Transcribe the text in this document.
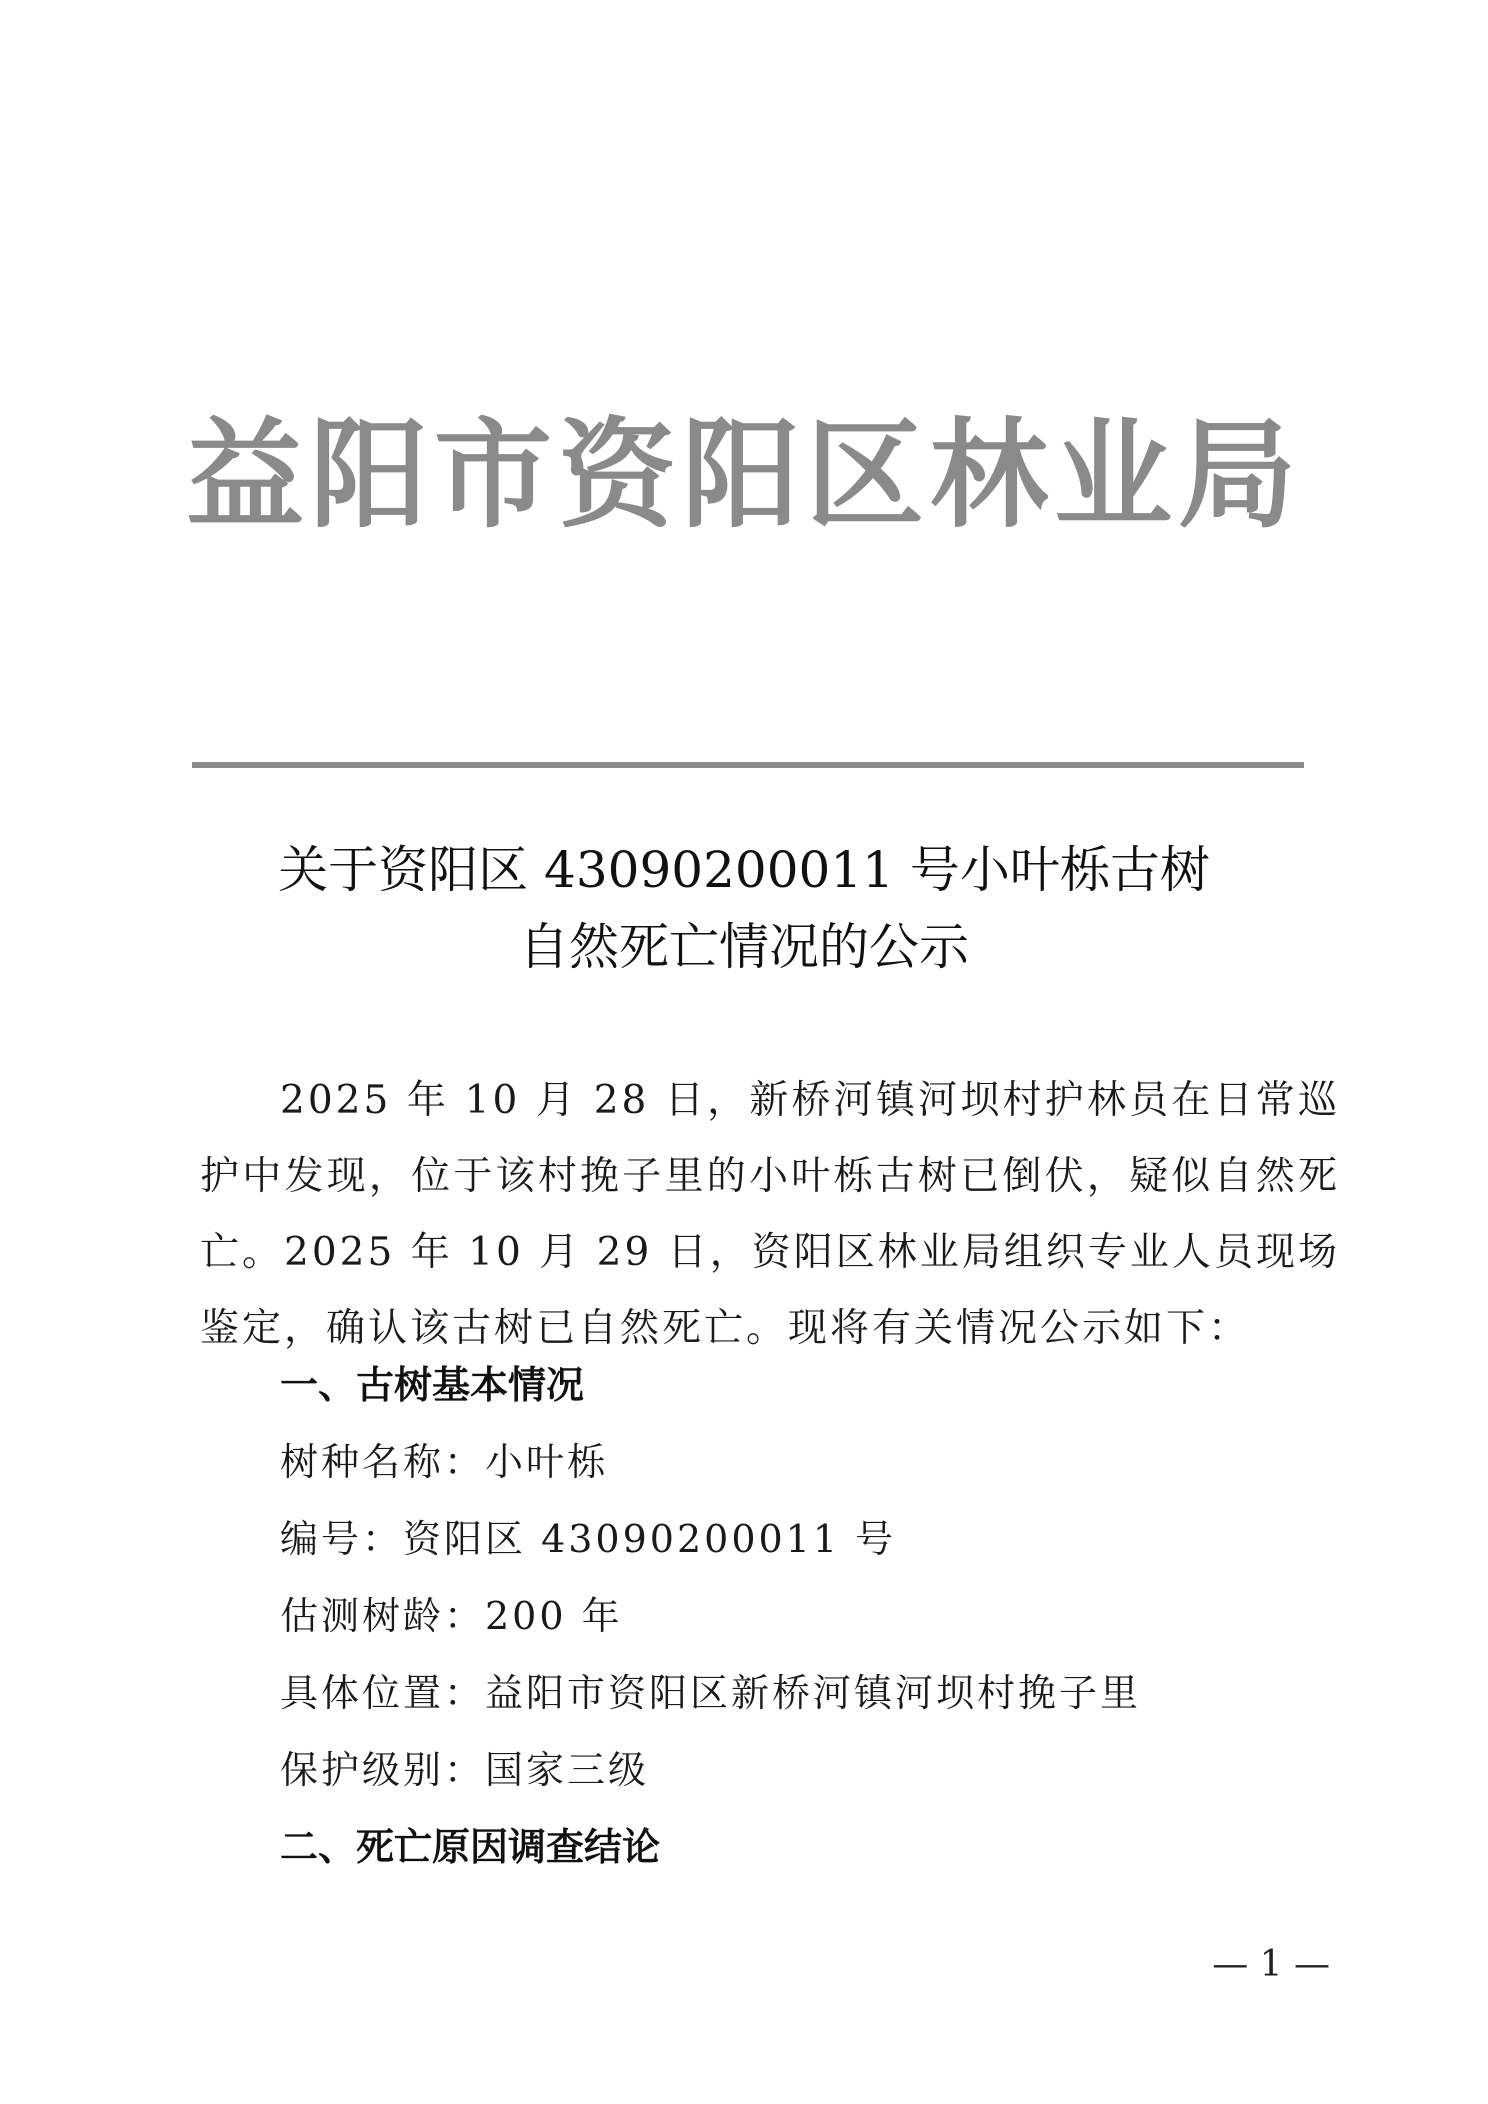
益阳市资阳区林业局
关于资阳区 43090200011 号小叶栎古树
自然死亡情况的公示
2025 年 10 月 28 日，新桥河镇河坝村护林员在日常巡护中发现，位于该村挽子里的小叶栎古树已倒伏，疑似自然死亡。2025 年 10 月 29 日，资阳区林业局组织专业人员现场鉴定，确认该古树已自然死亡。现将有关情况公示如下：
一、古树基本情况
树种名称：小叶栎
编号：资阳区 43090200011 号
估测树龄：200 年
具体位置：益阳市资阳区新桥河镇河坝村挽子里
保护级别：国家三级
二、死亡原因调查结论
— 1 —
